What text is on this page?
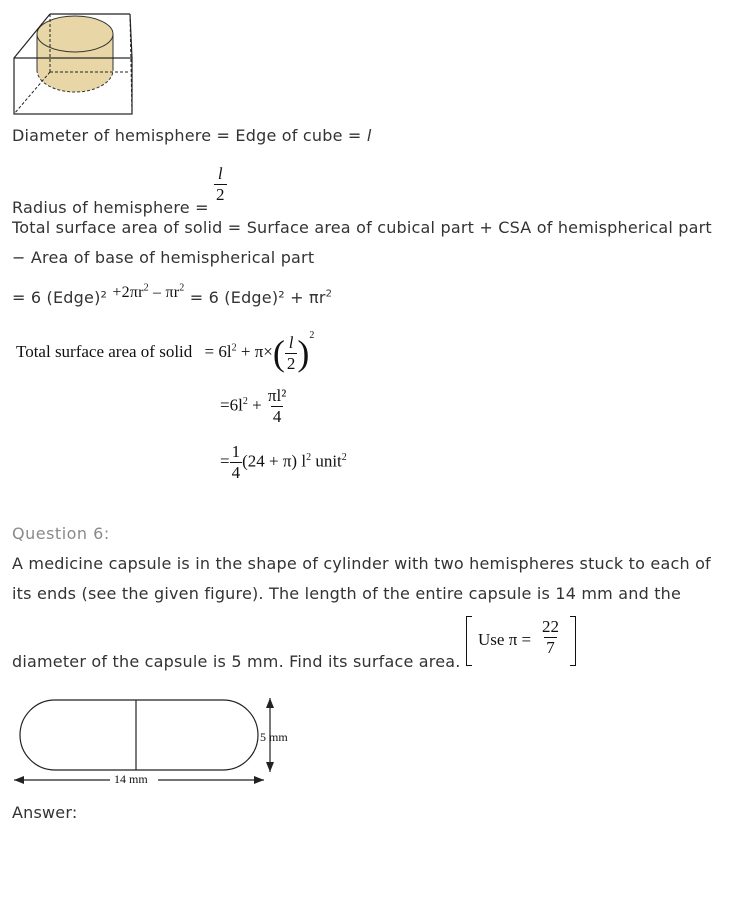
Diameter of hemisphere = Edge of cube = l
Radius of hemisphere =
$\frac{l}{2}$
Total surface area of solid = Surface area of cubical part + CSA of hemispherical part
− Area of base of hemispherical part
= 6 (Edge)² $+2\pi r^2 - \pi r^2 = 6$ (Edge)² + $\pi r^2$
Total surface area of solid = $6l^2 + \pi\times( \frac{l}{2} )^2$
$=6l^2 + \frac{\text{πl²}}{4}$
= $\frac{1}{4} (24 + \pi)$ $l^2$ unit$^2$
Question 6:
A medicine capsule is in the shape of cylinder with two hemispheres stuck to each of
its ends (see the given figure). The length of the entire capsule is 14 mm and the
diameter of the capsule is 5 mm. Find its surface area.
Use $\pi = \frac{22}{7}$
5 mm
14 mm
Answer:
